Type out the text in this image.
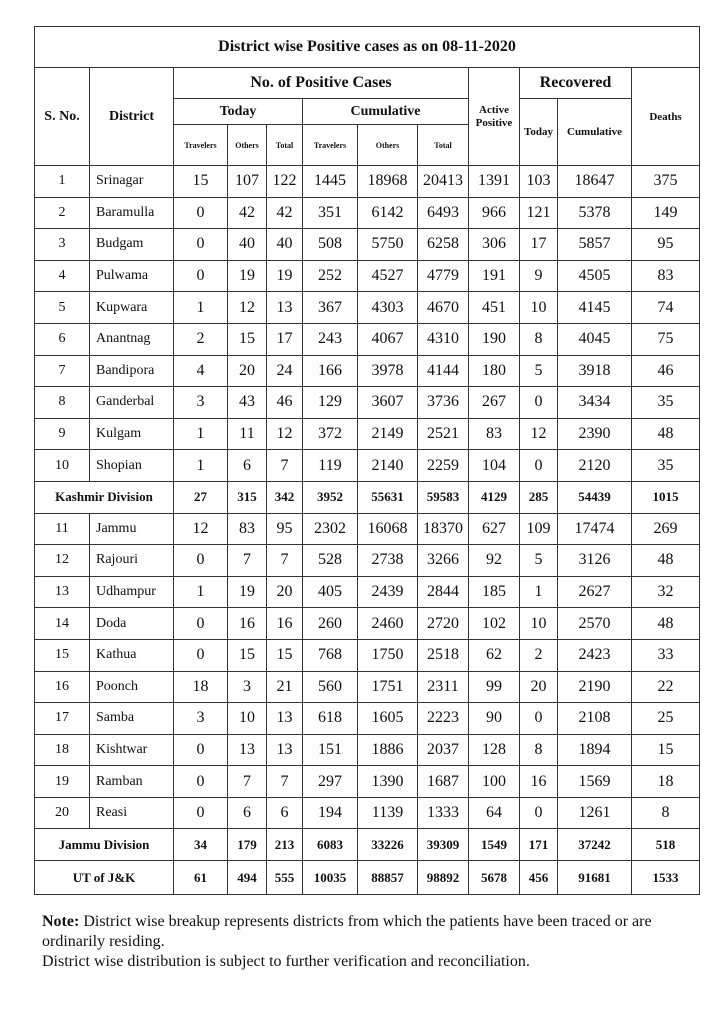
District wise Positive cases as on 08-11-2020											
S. No.	District	No. of Positive Cases						Active Positive	Recovered		Deaths
		Today			Cumulative				Today	Cumulative	
		Travelers	Others	Total	Travelers	Others	Total				
1	Srinagar	15	107	122	1445	18968	20413	1391	103	18647	375
2	Baramulla	0	42	42	351	6142	6493	966	121	5378	149
3	Budgam	0	40	40	508	5750	6258	306	17	5857	95
4	Pulwama	0	19	19	252	4527	4779	191	9	4505	83
5	Kupwara	1	12	13	367	4303	4670	451	10	4145	74
6	Anantnag	2	15	17	243	4067	4310	190	8	4045	75
7	Bandipora	4	20	24	166	3978	4144	180	5	3918	46
8	Ganderbal	3	43	46	129	3607	3736	267	0	3434	35
9	Kulgam	1	11	12	372	2149	2521	83	12	2390	48
10	Shopian	1	6	7	119	2140	2259	104	0	2120	35
Kashmir Division		27	315	342	3952	55631	59583	4129	285	54439	1015
11	Jammu	12	83	95	2302	16068	18370	627	109	17474	269
12	Rajouri	0	7	7	528	2738	3266	92	5	3126	48
13	Udhampur	1	19	20	405	2439	2844	185	1	2627	32
14	Doda	0	16	16	260	2460	2720	102	10	2570	48
15	Kathua	0	15	15	768	1750	2518	62	2	2423	33
16	Poonch	18	3	21	560	1751	2311	99	20	2190	22
17	Samba	3	10	13	618	1605	2223	90	0	2108	25
18	Kishtwar	0	13	13	151	1886	2037	128	8	1894	15
19	Ramban	0	7	7	297	1390	1687	100	16	1569	18
20	Reasi	0	6	6	194	1139	1333	64	0	1261	8
Jammu Division		34	179	213	6083	33226	39309	1549	171	37242	518
UT of J&K		61	494	555	10035	88857	98892	5678	456	91681	1533
Note: District wise breakup represents districts from which the patients have been traced or are ordinarily residing.
District wise distribution is subject to further verification and reconciliation.
